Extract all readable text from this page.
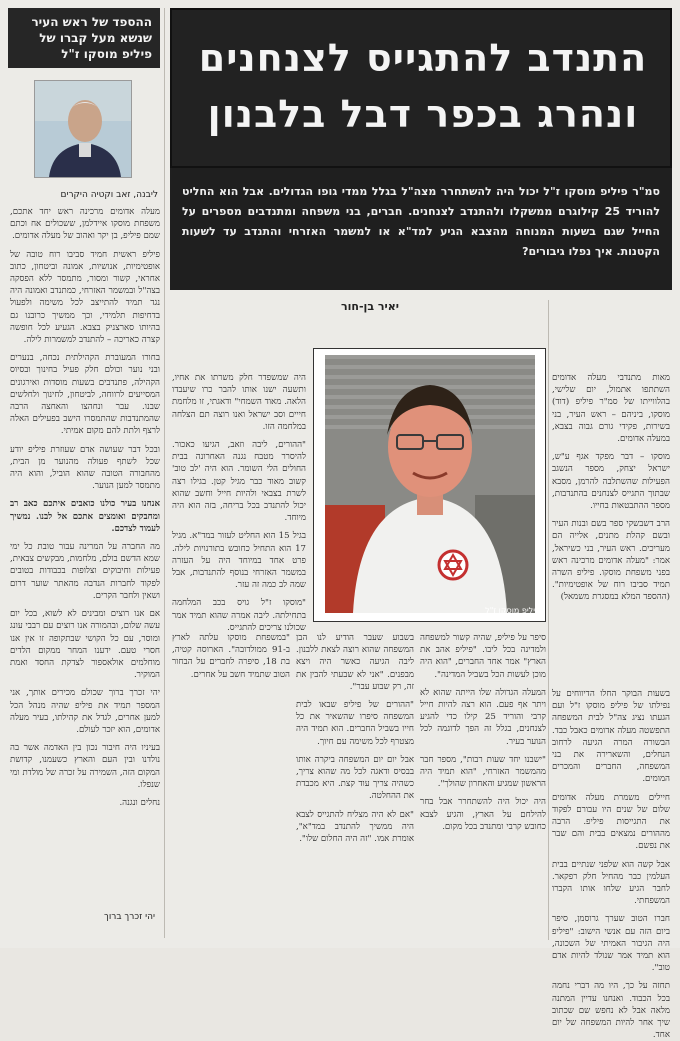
ההספד של ראש העיר שנשא מעל קברו של פיליפ מוסקו ז"ל
ליבנה, זאב וקטיה היקרים

מעלה אדומים מרכינה ראש יחד אתכם, משפחת מוסקו איידלמן, ששכולים אח וכתם שמם פיליפ, בן יקר ואהוב של מעלה אדומים.

פיליפ ראשית חמיד סביבו רוח טובה של אופטימיות, אנושיות, אמונה וביטחון, כתוב אחראי, קשור ומסור, מתמסר ללא הפסקה בצה"ל ובמשמר האזרחי, כמתנדב ואמונה היה נגד תמיד להתייצב לכל משימה ולפעול בדחיפות תלמידי, וכך ממשיך כרובנו גם בהיותו סארצניק בצבא. הגעיע לכל חופשה קצרה כאריכה – להתנדב למשמרות לילה.

בחורו המעוברת הקהילתית נכחה, בנערים ובני נוער וכולם חלק פעיל בחינוך ובסיוס הקהילה, פתנדבים בשעות מוסדות ואירגונים המסייעים לרווחה, לביטחון, לחינוך ולחלשים שבנו. עבר ונחהצו והאחצה הרבה שהמתנדבות שהתמסרו הישב בפעילים האלה לרצף ולתת להם מקום אמיתי.

ובכל דבר שעושה אדם שעוזרת פיליפ יודע שכל לשתף פעולה מהנוער מן הבית, מהחבורה הטובה שהוא הוביל, והוא היה מתמסר למען הנוער.

אנחנו בעיר כולנו כואבים איתכם כאב רב ומחבקים ואומצים אתכם אל לבנו. נמשיך לעמוד לצדכם.

מה החברה על המרינה עבור טובת כל ימי שמא הדשם בולם, מלחמות, מבקשים צבאית, פעילות וחיבוקים וצלופות בכבודות בטובים לפקוד לחברות הנדבה מהאתר שוער דרום ושאין ולחבר הקרים.

אם אנו רוצים ומבינים לא לשוא, בכל יום עשה שלום, ובהמורה אנו רוצים עם רבבי עונג ומוסר, עם כל הקושי שבתקופה זו אין אנו חסרי טעם. ידענו המחר ממקום הלדים מוחלמים אולאספור לצדקת החסד ואמת המוקיר.

יהי זכרך ברוך שכולם מכירים אותך, אני המספר תמיד את פיליפ שהיה מנהל הכל למען אחרים, לגדל את קהילתו, בעיר מעלה אדומים, הוא יזכר לעולם.

בעיניו היה חיבור נכון בין האדמה אשר בה נולדנו ובין העם והארץ כשעמנו, קדושת המקום הזה, השמירה על זכרה של מולדת ומי שנפלו.

נחלים ונגנה.

יהי זכרך ברוך
התנדב להתגייס לצנחנים ונהרג בכפר דבל בלבנון
סמ"ר פיליפ מוסקו ז"ל יכול היה להשתחרר מצה"ל בגלל ממדי גופו הגדולים. אבל הוא החליט להוריד 25 קילוגרם ממשקלו ולהתנדב לצנחנים. חברים, בני משפחה ומתנדבים מספרים על החייל שגם בשעות המנוחה מהצבא הגיע למד"א או למשמר האזרחי והתנדב עד לשעות הקטנות. איך נפלו גיבורים?
יאיר בן-חור

מאות מתנדבי מעלה אדומים השתתפו אתמול, יום שלישי, בהלווייתו של סמ"ר פיליפ (דוד) מוסקו, ביניהם – ראש העיר, בני בשירות, פקידי גורם גבוה בצבא, במעלה אדומים.

מוסקו – דבר מפקד אגף ע"ש, ישראל יצחק, מספר הנשגב הפעילות שהשתלבה להרמן, מסבא שבתוך התגייס לצנחנים בהתנדבות, מספר ההתבטאות בחייו.

הרב דשבשקי ספר בשם ובנות העיר ובשם קהלת מתנים, אלייה הם מעריכים. ראש העיר, בני כשיראל, אמר: "מעלה אדומים מרכינה ראש בפני משפחת מוסקו. פיליפ השרה תמיד סביבו רוח של אופטימיות". (ההספד המלא במסגרת משמאל)

היה שמשפדר חלק משרתו את אחיו, ותשעה ישנו אותו להבר כרו שיעבדו הלאה. מאוד השמחי" ודאגתי, זו מלחמת חייים וסב ישראל ואנו רוצה תם הצלחה במלחמה הזו.

"ההורים, ליבה וזאב, הגיעו כאכור. להיסרר מטבח נגנה האחרונה בבית החולים הלי השומר. הוא היה 'לב טוב' קשוב מאוד כבר מגיל קטן. בגילו רצה לשרת בצבאי ולהיות חייל וחשב שהוא יכול להתנדב בכל בריחה, בזה הוא היה מיוחד.

בגיל 15 הוא החליט לעזור במד"א. מגיל 17 הוא התחיל כחובש בתורנויות לילה. פרט אחד במיוחד היה על העזרה במשמר האזרחי בנוסף להתנדבות, אבל שמה לב כמה זה עזר.

"מוסקו ז"ל גויס בכב המלחמה בתחילתה. ליבה אמרה שהוא תמיד אמר שכולנו צריכים להתגייס.

פיליפ מוסקו ז"ל

בשעות הבוקר החלו הדיווחים על נפילתו של פיליפ מוסקו ז"ל ועם הגעתו נציג צה"ל לבית המשפחה התפשטה מעלה אדומים כאבל כבד. הבשורה המרה הגיעה לרחוב הנחלים, והשארירה את בני המשפחה, החברים והמכרים המומים.

חיילים משמרת מעלה אדומים שלום של שנים היו עבורם לפקוד את התגייסות פיליפ. הרבה מההורים נמצאים בבית והם שבר את נפשם.

אבל קשה הוא שלפני שנתיים בבית העלמין כבר מהחיל חלק רפקאר. לחבר הגיע שלחו אותו הקברו המשפחתי.

חברו הטוב שערך גרוסמן, סיפר ביום הזה עם אנשי הישוב: "פיליפ היה הגיבור האמיתי של השכונה, הוא תמיד אמר שנולד להיות אדם טוב".

תחזה על כך, היו מה דברי נחמה בכל הכבוד. ואנחנו עדיין המתנה מלאה אבל לא נחפש שם שכתוב שיך אחר להיות המשפחה של יום אחד.

סיפר על פיליפ, שהיה קשור למשפחה ולמדינה בכל ליבו. "פיליפ אהב את הארץ" אמר אחד החברים, "הוא היה מוכן לעשות הכל בשביל המדינה".

המעלה הגדולה שלו הייתה שהוא לא ויתר אף פעם. הוא רצה להיות חייל קרבי והוריד 25 קילו כדי להגיע לצנחנים, בגלל זה הפך לדוגמה לכל הנוער בעיר.

"ישבנו יחד שעות רבות", מספר חבר מהמשמר האזרחי, "הוא תמיד היה הראשון שמגיע והאחרון שהולך".

היה יכול היה להשתחרר אבל בחר להילחם על הארץ, והגיע לצבא כחובש קרבי ומתנדב בכל מקום.

בשבוע שעבר הודיע לנו הבן המשפחה שהוא רוצה לצאת ללבנון. ליבה הגיעה כאשר היה ויצא מבפנים. "אני לא שבעתי להבין את זה, רק שבוע עבר".

"ההורים של פיליפ שבאו לבית המשפחה סיפרו שהשאיר את כל חייו בשביל החברים. הוא תמיד היה מצטרף לכל משימה עם חיוך.

אבל יום יום המשפחה ביקרה אותו בבסיס ודאגה לכל מה שהוא צריך, כשהיה צריך עוד קצת. היא מכבדת את ההחלטה.

"אם לא היה מצליח להתגייס לצבא היה ממשיך להתנדב במד"א", אומרת אמו. "זה היה החלום שלו".

"במשפחת מוסקו עלתה לארץ ב-91 ממולדובה". הארוסה קטיה, בת 18, סיפרה לחברים על הבחור הטוב שתמיד חשב על אחרים.
